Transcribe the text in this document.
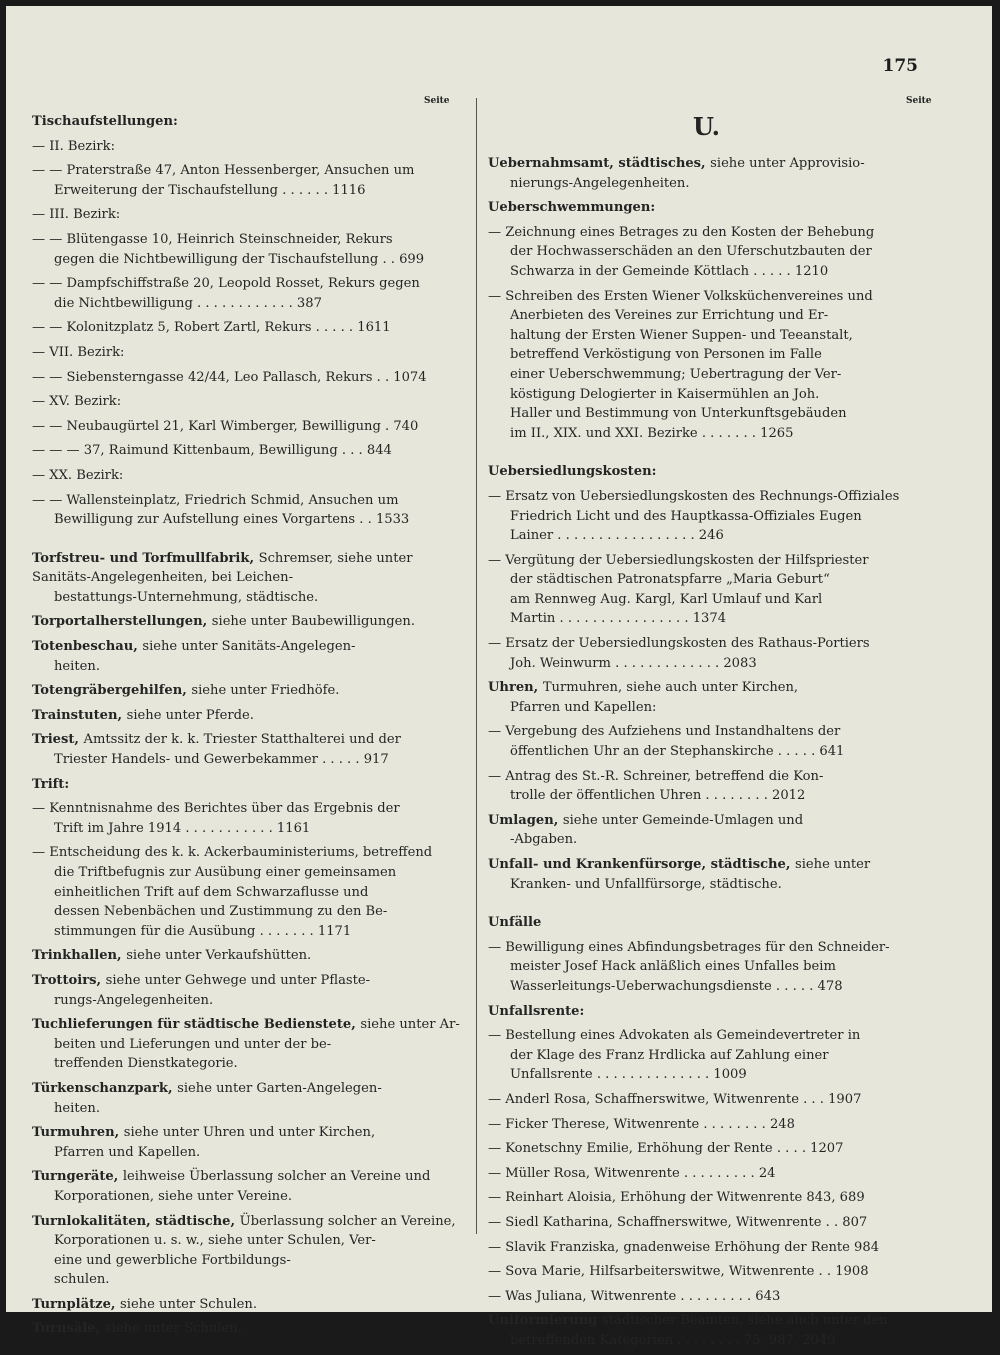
175
Seite	Seite
Tischaufstellungen:
— II. Bezirk:
— — Praterstraße 47, Anton Hessenberger, Ansuchen um
Erweiterung der Tischaufstellung . . . . . . 1116
— III. Bezirk:
— — Blütengasse 10, Heinrich Steinschneider, Rekurs
gegen die Nichtbewilligung der Tischaufstellung . . 699
— — Dampfschiffstraße 20, Leopold Rosset, Rekurs gegen
die Nichtbewilligung . . . . . . . . . . . . 387
— — Kolonitzplatz 5, Robert Zartl, Rekurs . . . . . 1611
— VII. Bezirk:
— — Siebensterngasse 42/44, Leo Pallasch, Rekurs . . 1074
— XV. Bezirk:
— — Neubaugürtel 21, Karl Wimberger, Bewilligung . 740
— — — 37, Raimund Kittenbaum, Bewilligung . . . 844
— XX. Bezirk:
— — Wallensteinplatz, Friedrich Schmid, Ansuchen um
Bewilligung zur Aufstellung eines Vorgartens . . 1533
Torfstreu- und Torfmullfabrik, Schremser, siehe unter Sanitäts-Angelegenheiten, bei Leichen-
bestattungs-Unternehmung, städtische.
Torportalherstellungen, siehe unter Baubewilligungen.
Totenbeschau, siehe unter Sanitäts-Angelegen-
heiten.
Totengräbergehilfen, siehe unter Friedhöfe.
Trainstuten, siehe unter Pferde.
Triest, Amtssitz der k. k. Triester Statthalterei und der
Triester Handels- und Gewerbekammer . . . . . 917
Trift:
— Kenntnisnahme des Berichtes über das Ergebnis der
Trift im Jahre 1914 . . . . . . . . . . . 1161
— Entscheidung des k. k. Ackerbauministeriums, betreffend
die Triftbefugnis zur Ausübung einer gemeinsamen
einheitlichen Trift auf dem Schwarzaflusse und
dessen Nebenbächen und Zustimmung zu den Be-
stimmungen für die Ausübung . . . . . . . 1171
Trinkhallen, siehe unter Verkaufshütten.
Trottoirs, siehe unter Gehwege und unter Pflaste-
rungs-Angelegenheiten.
Tuchlieferungen für städtische Bedienstete, siehe unter Ar-
beiten und Lieferungen und unter der be-
treffenden Dienstkategorie.
Türkenschanzpark, siehe unter Garten-Angelegen-
heiten.
Turmuhren, siehe unter Uhren und unter Kirchen,
Pfarren und Kapellen.
Turngeräte, leihweise Überlassung solcher an Vereine und
Korporationen, siehe unter Vereine.
Turnlokalitäten, städtische, Überlassung solcher an Vereine,
Korporationen u. s. w., siehe unter Schulen, Ver-
eine und gewerbliche Fortbildungs-
schulen.
Turnplätze, siehe unter Schulen.
Turnsäle, siehe unter Schulen.
U.
Uebernahmsamt, städtisches, siehe unter Approvisio-
nierungs-Angelegenheiten.
Ueberschwemmungen:
— Zeichnung eines Betrages zu den Kosten der Behebung
der Hochwasserschäden an den Uferschutzbauten der
Schwarza in der Gemeinde Köttlach . . . . . 1210
— Schreiben des Ersten Wiener Volksküchenvereines und
Anerbieten des Vereines zur Errichtung und Er-
haltung der Ersten Wiener Suppen- und Teeanstalt,
betreffend Verköstigung von Personen im Falle
einer Ueberschwemmung; Uebertragung der Ver-
köstigung Delogierter in Kaisermühlen an Joh.
Haller und Bestimmung von Unterkunftsgebäuden
im II., XIX. und XXI. Bezirke . . . . . . . 1265
Uebersiedlungskosten:
— Ersatz von Uebersiedlungskosten des Rechnungs-Offiziales
Friedrich Licht und des Hauptkassa-Offiziales Eugen
Lainer . . . . . . . . . . . . . . . . . 246
— Vergütung der Uebersiedlungskosten der Hilfspriester
der städtischen Patronatspfarre „Maria Geburt“
am Rennweg Aug. Kargl, Karl Umlauf und Karl
Martin . . . . . . . . . . . . . . . . 1374
— Ersatz der Uebersiedlungskosten des Rathaus-Portiers
Joh. Weinwurm . . . . . . . . . . . . . 2083
Uhren, Turmuhren, siehe auch unter Kirchen,
Pfarren und Kapellen:
— Vergebung des Aufziehens und Instandhaltens der
öffentlichen Uhr an der Stephanskirche . . . . . 641
— Antrag des St.-R. Schreiner, betreffend die Kon-
trolle der öffentlichen Uhren . . . . . . . . 2012
Umlagen, siehe unter Gemeinde-Umlagen und
-Abgaben.
Unfall- und Krankenfürsorge, städtische, siehe unter
Kranken- und Unfallfürsorge, städtische.
Unfälle
— Bewilligung eines Abfindungsbetrages für den Schneider-
meister Josef Hack anläßlich eines Unfalles beim
Wasserleitungs-Ueberwachungsdienste . . . . . 478
Unfallsrente:
— Bestellung eines Advokaten als Gemeindevertreter in
der Klage des Franz Hrdlicka auf Zahlung einer
Unfallsrente . . . . . . . . . . . . . . 1009
— Anderl Rosa, Schaffnerswitwe, Witwenrente . . . 1907
— Ficker Therese, Witwenrente . . . . . . . . 248
— Konetschny Emilie, Erhöhung der Rente . . . . 1207
— Müller Rosa, Witwenrente . . . . . . . . . 24
— Reinhart Aloisia, Erhöhung der Witwenrente 843, 689
— Siedl Katharina, Schaffnerswitwe, Witwenrente . . 807
— Slavik Franziska, gnadenweise Erhöhung der Rente 984
— Sova Marie, Hilfsarbeiterswitwe, Witwenrente . . 1908
— Was Juliana, Witwenrente . . . . . . . . . 643
Uniformierung städtischer Beamten, siehe auch unter den
betreffenden Kategorien . . . . . . . . 75, 987, 2049
